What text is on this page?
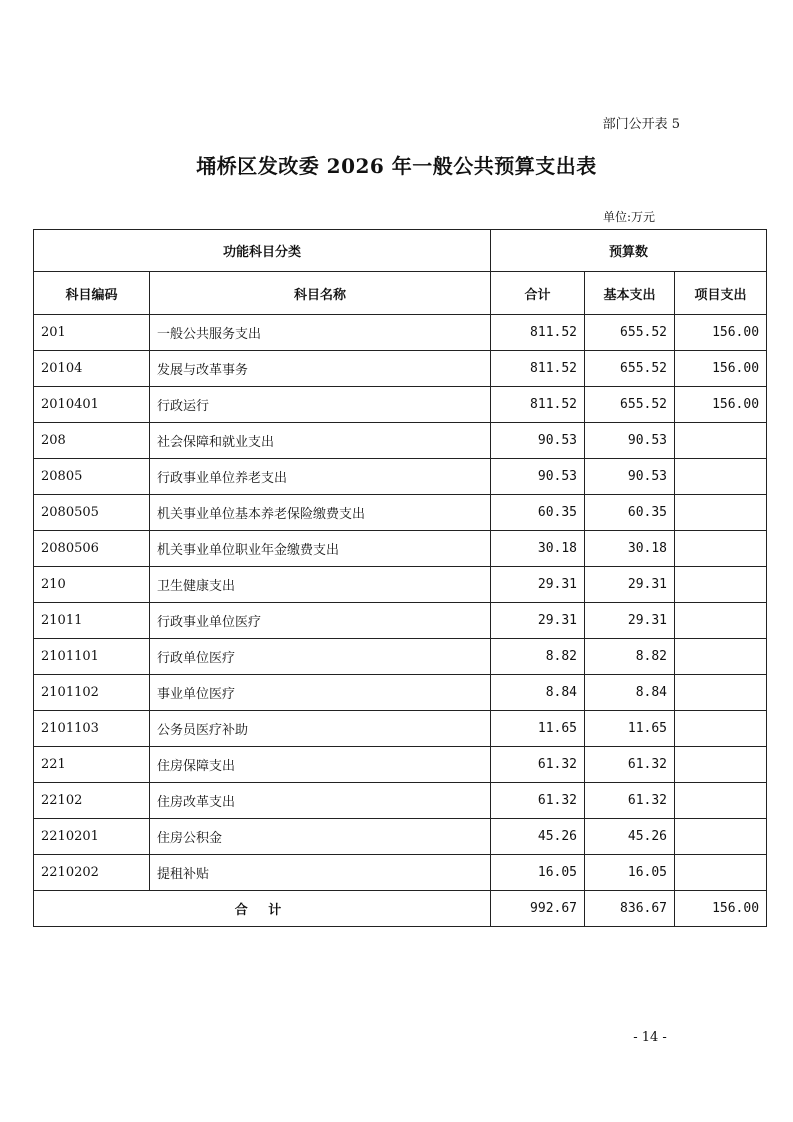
部门公开表 5
埇桥区发改委 2026 年一般公共预算支出表
单位:万元
功能科目分类		预算数		
科目编码	科目名称	合计	基本支出	项目支出
201	一般公共服务支出	811.52	655.52	156.00
20104	发展与改革事务	811.52	655.52	156.00
2010401	行政运行	811.52	655.52	156.00
208	社会保障和就业支出	90.53	90.53	
20805	行政事业单位养老支出	90.53	90.53	
2080505	机关事业单位基本养老保险缴费支出	60.35	60.35	
2080506	机关事业单位职业年金缴费支出	30.18	30.18	
210	卫生健康支出	29.31	29.31	
21011	行政事业单位医疗	29.31	29.31	
2101101	行政单位医疗	8.82	8.82	
2101102	事业单位医疗	8.84	8.84	
2101103	公务员医疗补助	11.65	11.65	
221	住房保障支出	61.32	61.32	
22102	住房改革支出	61.32	61.32	
2210201	住房公积金	45.26	45.26	
2210202	提租补贴	16.05	16.05	
合 计		992.67	836.67	156.00
- 14 -
